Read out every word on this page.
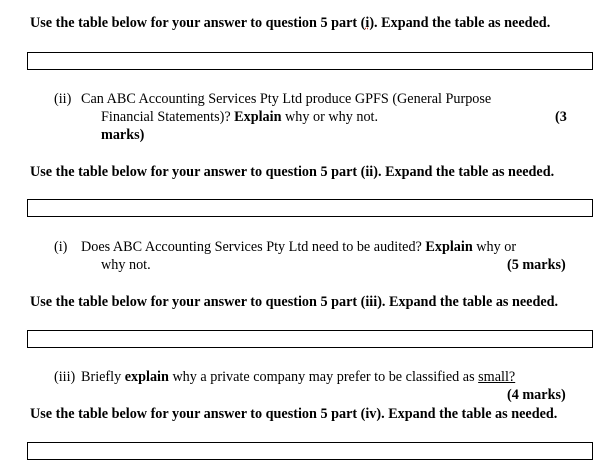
Use the table below for your answer to question 5 part (i). Expand the table as needed.
(ii) Can ABC Accounting Services Pty Ltd produce GPFS (General Purpose
Financial Statements)? Explain why or why not.	(3
marks)
Use the table below for your answer to question 5 part (ii). Expand the table as needed.
(i) Does ABC Accounting Services Pty Ltd need to be audited? Explain why or
why not.	(5 marks)
Use the table below for your answer to question 5 part (iii). Expand the table as needed.
(iii) Briefly explain why a private company may prefer to be classified as small?
(4 marks)
Use the table below for your answer to question 5 part (iv). Expand the table as needed.
